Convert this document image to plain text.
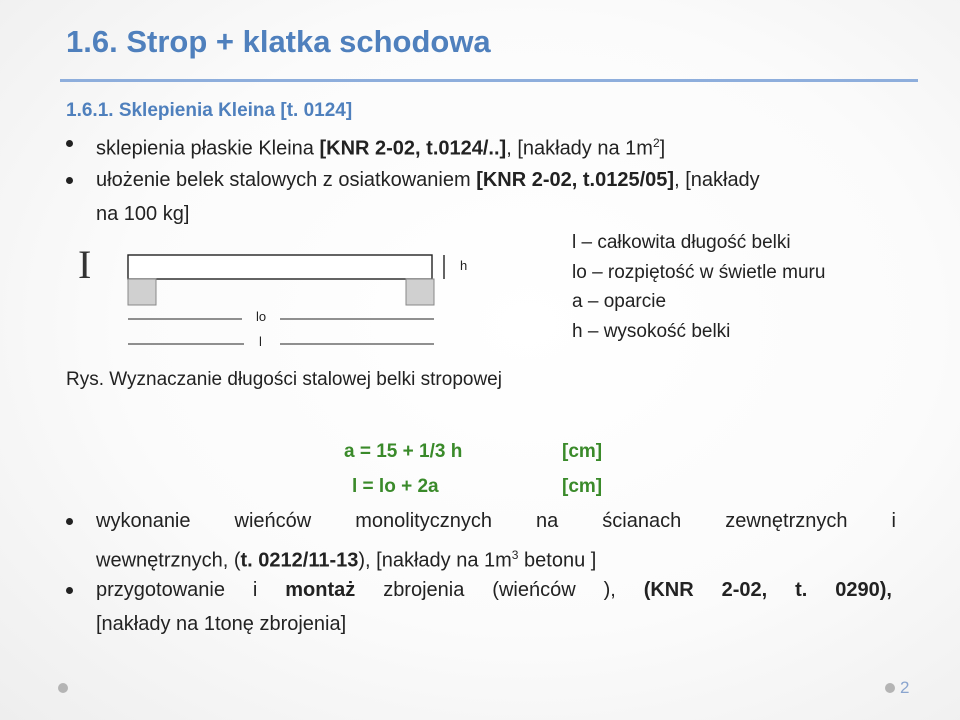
1.6. Strop + klatka schodowa
1.6.1. Sklepienia Kleina [t. 0124]
sklepienia płaskie Kleina [KNR 2-02, t.0124/..], [nakłady na $1m^2$]
ułożenie belek stalowych z osiatkowaniem [KNR 2-02, t.0125/05], [nakłady
na 100 kg]
I	h
lo
l
l – całkowita długość belki
lo – rozpiętość w świetle muru
a – oparcie
h – wysokość belki
Rys. Wyznaczanie długości stalowej belki stropowej
a = 15 + 1/3 h	[cm]
l = lo + 2a	[cm]
wykonanie wieńców monolitycznych na ścianach zewnętrznych i
wewnętrznych, (t. 0212/11-13), [nakłady na $1m^3$ betonu ]
przygotowanie i montaż zbrojenia (wieńców ), (KNR 2-02, t. 0290),
[nakłady na 1tonę zbrojenia]
2
